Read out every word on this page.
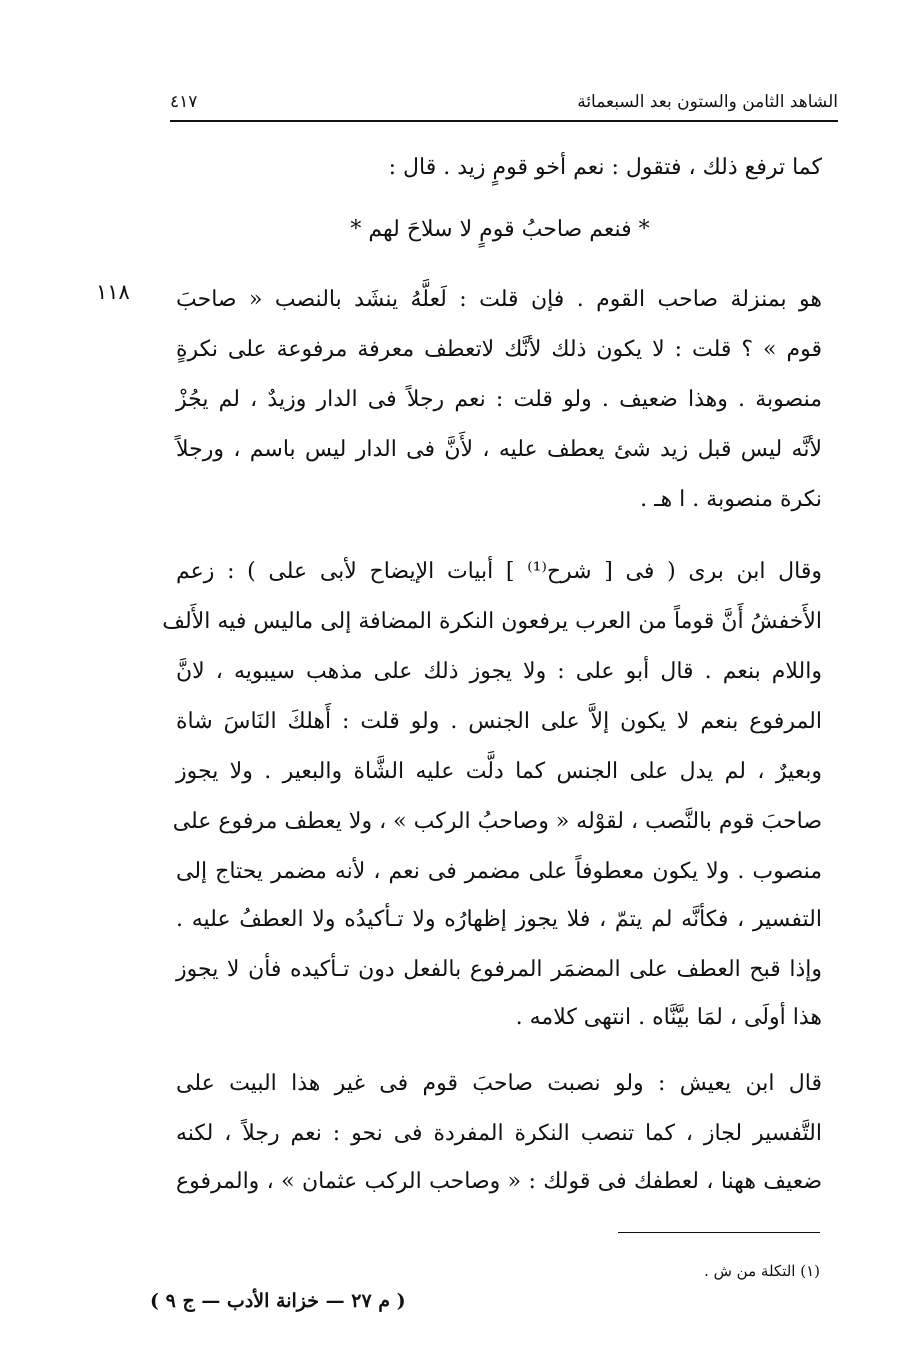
الشاهد الثامن والستون بعد السبعمائة
٤١٧
كما ترفع ذلك ، فتقول : نعم أخو قومٍ زيد . قال :
* فنعم صاحبُ قومٍ لا سلاحَ لهم *
١١٨ هو بمنزلة صاحب القوم . فإن قلت : لَعلَّهُ ينشَد بالنصب « صاحبَ
قوم » ؟ قلت : لا يكون ذلك لأنَّك لاتعطف معرفة مرفوعة على نكرةٍ
منصوبة . وهذا ضعيف . ولو قلت : نعم رجلاً فى الدار وزيدٌ ، لم يجُزْ
لأنَّه ليس قبل زيد شئ يعطف عليه ، لأَنَّ فى الدار ليس باسم ، ورجلاً
نكرة منصوبة . ا هـ .
وقال ابن برى ( فى [ شرح⁽¹⁾ ] أبيات الإيضاح لأبى على ) : زعم
الأَخفشُ أَنَّ قوماً من العرب يرفعون النكرة المضافة إلى ماليس فيه الأَلف
واللام بنعم . قال أبو على : ولا يجوز ذلك على مذهب سيبويه ، لانَّ
المرفوع بنعم لا يكون إلاَّ على الجنس . ولو قلت : أَهلكَ النَاسَ شاة
وبعيرٌ ، لم يدل على الجنس كما دلَّت عليه الشَّاة والبعير . ولا يجوز
صاحبَ قوم بالنَّصب ، لقوْله « وصاحبُ الركب » ، ولا يعطف مرفوع على
منصوب . ولا يكون معطوفاً على مضمر فى نعم ، لأنه مضمر يحتاج إلى
التفسير ، فكأنَّه لم يتمّ ، فلا يجوز إظهارُه ولا تـأكيدُه ولا العطفُ عليه .
وإذا قبح العطف على المضمَر المرفوع بالفعل دون تـأكيده فأن لا يجوز
هذا أولَى ، لمَا بيَّنَّاه . انتهى كلامه .
قال ابن يعيش : ولو نصبت صاحبَ قوم فى غير هذا البيت على
التَّفسير لجاز ، كما تنصب النكرة المفردة فى نحو : نعم رجلاً ، لكنه
ضعيف ههنا ، لعطفك فى قولك : « وصاحب الركب عثمان » ، والمرفوع
(١) التكلة من ش .
( م ٢٧ — خزانة الأدب — ج ٩ )
